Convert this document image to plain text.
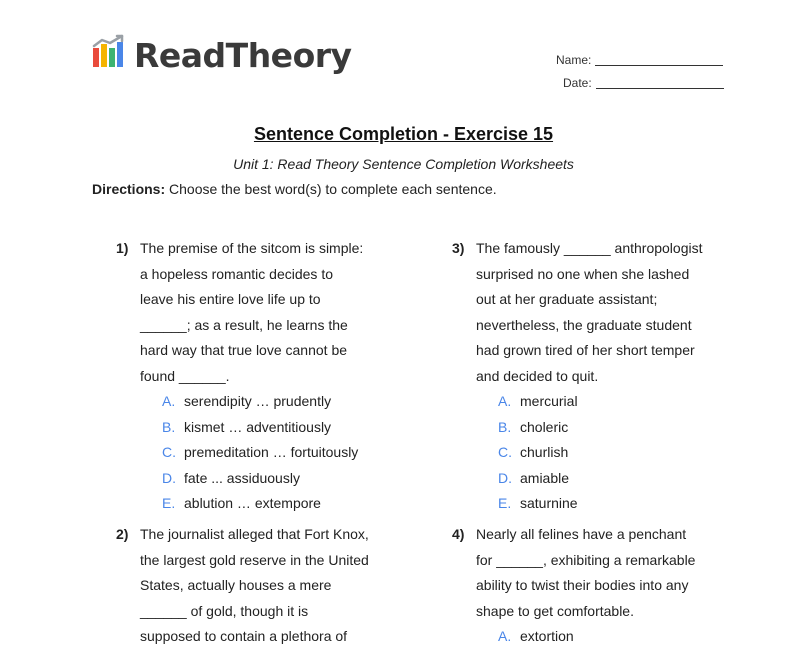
ReadTheory	Name:
Date:
Sentence Completion - Exercise 15
Unit 1: Read Theory Sentence Completion Worksheets
Directions: Choose the best word(s) to complete each sentence.
1) The premise of the sitcom is simple:
a hopeless romantic decides to
leave his entire love life up to
______; as a result, he learns the
hard way that true love cannot be
found ______.
A. serendipity … prudently
B. kismet … adventitiously
C. premeditation … fortuitously
D. fate ... assiduously
E. ablution … extempore
2) The journalist alleged that Fort Knox,
the largest gold reserve in the United
States, actually houses a mere
______ of gold, though it is
supposed to contain a plethora of
3) The famously ______ anthropologist
surprised no one when she lashed
out at her graduate assistant;
nevertheless, the graduate student
had grown tired of her short temper
and decided to quit.
A. mercurial
B. choleric
C. churlish
D. amiable
E. saturnine
4) Nearly all felines have a penchant
for ______, exhibiting a remarkable
ability to twist their bodies into any
shape to get comfortable.
A. extortion
